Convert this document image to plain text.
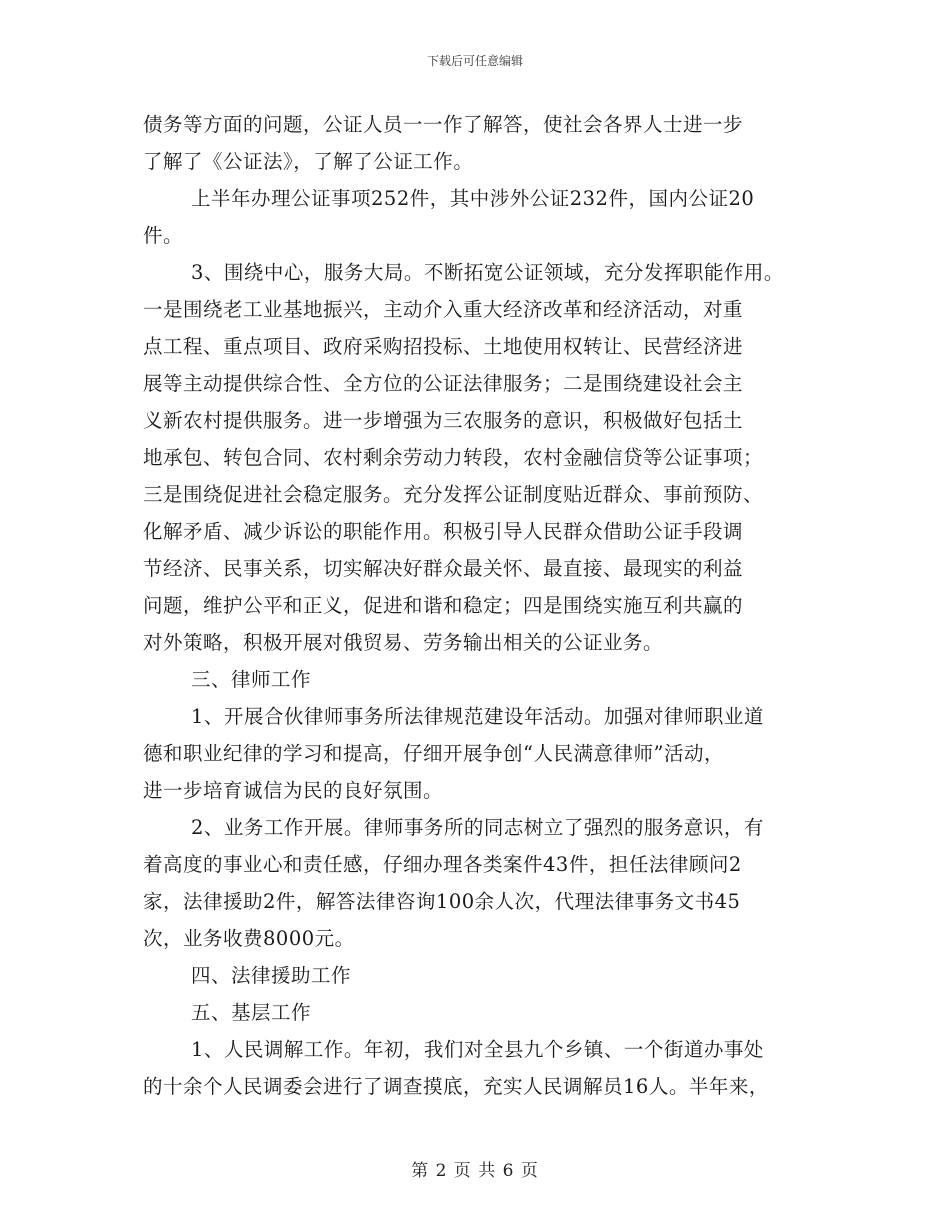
下载后可任意编辑
债务等方面的问题，公证人员一一作了解答，使社会各界人士进一步
了解了《公证法》，了解了公证工作。
上半年办理公证事项252件，其中涉外公证232件，国内公证20
件。
3、围绕中心，服务大局。不断拓宽公证领域，充分发挥职能作用。
一是围绕老工业基地振兴，主动介入重大经济改革和经济活动，对重
点工程、重点项目、政府采购招投标、土地使用权转让、民营经济进
展等主动提供综合性、全方位的公证法律服务；二是围绕建设社会主
义新农村提供服务。进一步增强为三农服务的意识，积极做好包括土
地承包、转包合同、农村剩余劳动力转段，农村金融信贷等公证事项；
三是围绕促进社会稳定服务。充分发挥公证制度贴近群众、事前预防、
化解矛盾、减少诉讼的职能作用。积极引导人民群众借助公证手段调
节经济、民事关系，切实解决好群众最关怀、最直接、最现实的利益
问题，维护公平和正义，促进和谐和稳定；四是围绕实施互利共赢的
对外策略，积极开展对俄贸易、劳务输出相关的公证业务。
三、律师工作
1、开展合伙律师事务所法律规范建设年活动。加强对律师职业道
德和职业纪律的学习和提高，仔细开展争创“人民满意律师”活动，
进一步培育诚信为民的良好氛围。
2、业务工作开展。律师事务所的同志树立了强烈的服务意识，有
着高度的事业心和责任感，仔细办理各类案件43件，担任法律顾问2
家，法律援助2件，解答法律咨询100余人次，代理法律事务文书45
次，业务收费8000元。
四、法律援助工作
五、基层工作
1、人民调解工作。年初，我们对全县九个乡镇、一个街道办事处
的十余个人民调委会进行了调查摸底，充实人民调解员16人。半年来，
第 2 页 共 6 页
